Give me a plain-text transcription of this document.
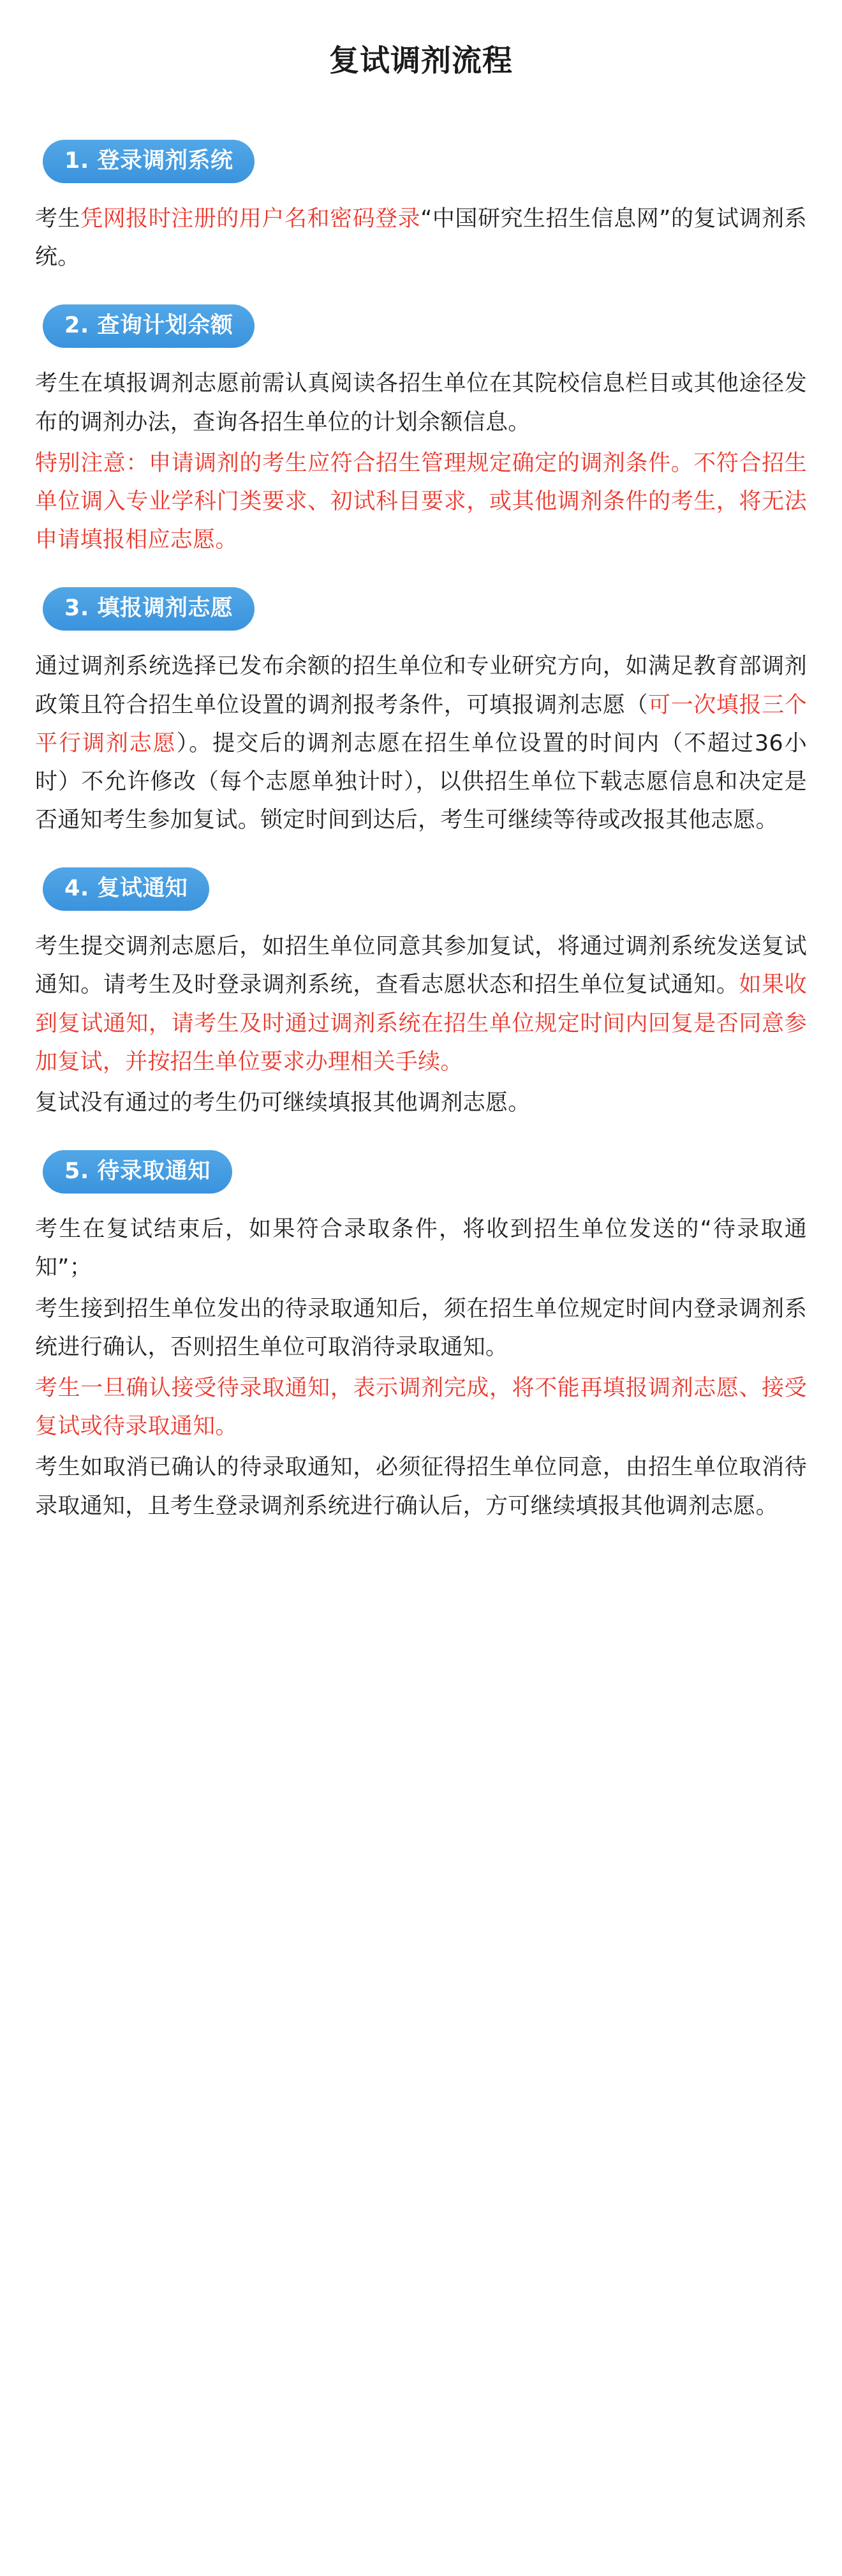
复试调剂流程
1. 登录调剂系统

考生凭网报时注册的用户名和密码登录“中国研究生招生信息网”的复试调剂系统。

2. 查询计划余额

考生在填报调剂志愿前需认真阅读各招生单位在其院校信息栏目或其他途径发布的调剂办法，查询各招生单位的计划余额信息。

特别注意：申请调剂的考生应符合招生管理规定确定的调剂条件。不符合招生单位调入专业学科门类要求、初试科目要求，或其他调剂条件的考生，将无法申请填报相应志愿。

3. 填报调剂志愿

通过调剂系统选择已发布余额的招生单位和专业研究方向，如满足教育部调剂政策且符合招生单位设置的调剂报考条件，可填报调剂志愿（可一次填报三个平行调剂志愿）。提交后的调剂志愿在招生单位设置的时间内（不超过36小时）不允许修改（每个志愿单独计时），以供招生单位下载志愿信息和决定是否通知考生参加复试。锁定时间到达后，考生可继续等待或改报其他志愿。

4. 复试通知

考生提交调剂志愿后，如招生单位同意其参加复试，将通过调剂系统发送复试通知。请考生及时登录调剂系统，查看志愿状态和招生单位复试通知。如果收到复试通知，请考生及时通过调剂系统在招生单位规定时间内回复是否同意参加复试，并按招生单位要求办理相关手续。

复试没有通过的考生仍可继续填报其他调剂志愿。

5. 待录取通知

考生在复试结束后，如果符合录取条件，将收到招生单位发送的“待录取通知”；

考生接到招生单位发出的待录取通知后，须在招生单位规定时间内登录调剂系统进行确认，否则招生单位可取消待录取通知。

考生一旦确认接受待录取通知，表示调剂完成，将不能再填报调剂志愿、接受复试或待录取通知。

考生如取消已确认的待录取通知，必须征得招生单位同意，由招生单位取消待录取通知，且考生登录调剂系统进行确认后，方可继续填报其他调剂志愿。
